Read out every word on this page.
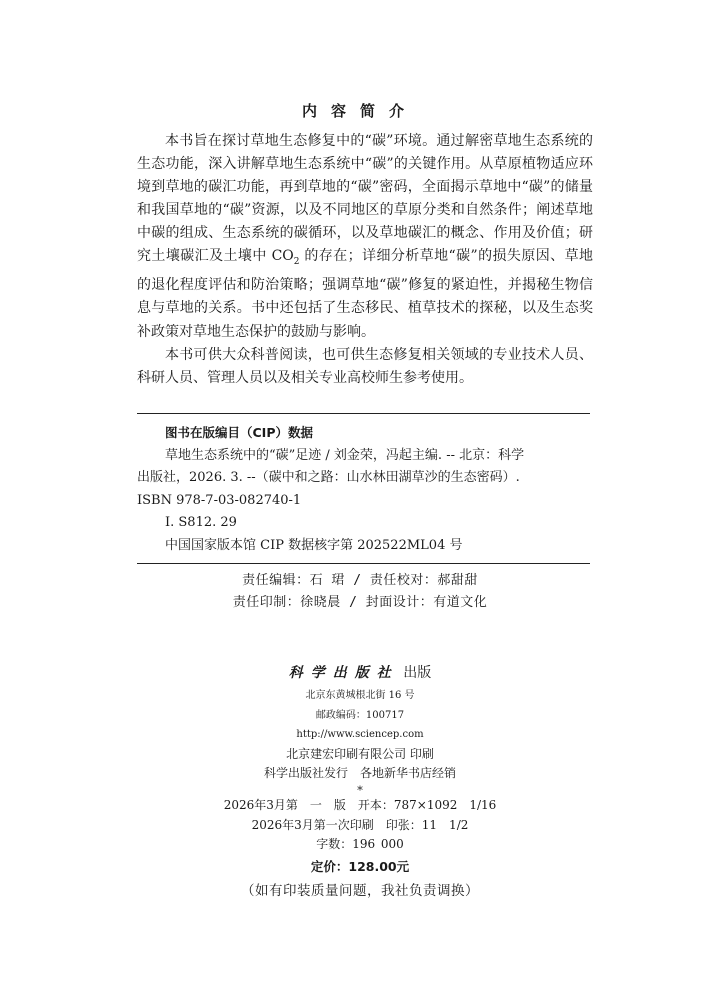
内容简介

本书旨在探讨草地生态修复中的“碳”环境。通过解密草地生态系统的生态功能，深入讲解草地生态系统中“碳”的关键作用。从草原植物适应环境到草地的碳汇功能，再到草地的“碳”密码，全面揭示草地中“碳”的储量和我国草地的“碳”资源，以及不同地区的草原分类和自然条件；阐述草地中碳的组成、生态系统的碳循环，以及草地碳汇的概念、作用及价值；研究土壤碳汇及土壤中 $CO_2$ 的存在；详细分析草地“碳”的损失原因、草地的退化程度评估和防治策略；强调草地“碳”修复的紧迫性，并揭秘生物信息与草地的关系。书中还包括了生态移民、植草技术的探秘，以及生态奖补政策对草地生态保护的鼓励与影响。

本书可供大众科普阅读，也可供生态修复相关领域的专业技术人员、科研人员、管理人员以及相关专业高校师生参考使用。

图书在版编目（CIP）数据
草地生态系统中的“碳”足迹 / 刘金荣，冯起主编. -- 北京：科学
出版社，2026. 3. --（碳中和之路：山水林田湖草沙的生态密码）.
ISBN 978-7-03-082740-1
Ⅰ. S812. 29
中国国家版本馆 CIP 数据核字第 202522ML04 号
责任编辑：石 珺 / 责任校对：郝甜甜
责任印制：徐晓晨 / 封面设计：有道文化
科学出版社 出版
北京东黄城根北街 16 号
邮政编码：100717
http://www.sciencep.com
北京建宏印刷有限公司 印刷
科学出版社发行　各地新华书店经销
*
2026年3月第　一　版　开本：787×1092　1/16
2026年3月第一次印刷　印张：11　1/2
字数：196 000
定价：128.00元
（如有印装质量问题，我社负责调换）
